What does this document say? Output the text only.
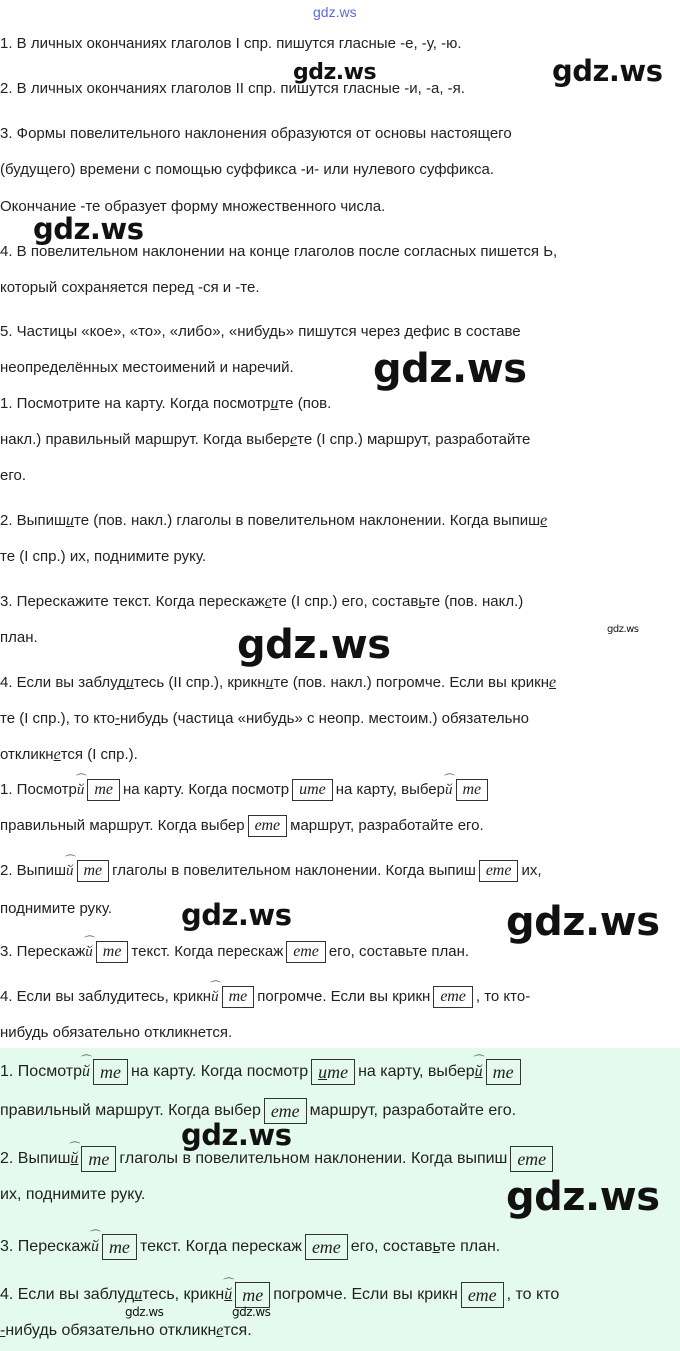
gdz.ws
1. В личных окончаниях глаголов I спр. пишутся гласные -е, -у, -ю.
2. В личных окончаниях глаголов II спр. пишутся гласные -и, -а, -я.
3. Формы повелительного наклонения образуются от основы настоящего
(будущего) времени с помощью суффикса -и- или нулевого суффикса.
Окончание -те образует форму множественного числа.
4. В повелительном наклонении на конце глаголов после согласных пишется Ь,
который сохраняется перед -ся и -те.
5. Частицы «кое», «то», «либо», «нибудь» пишутся через дефис в составе
неопределённых местоимений и наречий.
1. Посмотрите на карту. Когда посмотрите (пов.
накл.) правильный маршрут. Когда выберете (I спр.) маршрут, разработайте
его.
2. Выпишите (пов. накл.) глаголы в повелительном наклонении. Когда выпише
те (I спр.) их, поднимите руку.
3. Перескажите текст. Когда перескажете (I спр.) его, составьте (пов. накл.)
план.
4. Если вы заблудитесь (II спр.), крикните (пов. накл.) погромче. Если вы крикне
те (I спр.), то кто-нибудь (частица «нибудь» с неопр. местоим.) обязательно
откликнется (I спр.).
1. Посмотр⌒ й те на карту. Когда посмотр ите на карту, выбер⌒ й те
правильный маршрут. Когда выбер ете маршрут, разработайте его.
2. Выпиш⌒ й те глаголы в повелительном наклонении. Когда выпиш ете их,
поднимите руку.
3. Перескаж⌒ й те текст. Когда перескаж ете его, составьте план.
4. Если вы заблудитесь, крикн⌒ й те погромче. Если вы крикн ете , то кто-
нибудь обязательно откликнется.
1. Посмотр⌒ й те на карту. Когда посмотр ите на карту, выбер⌒ й те
правильный маршрут. Когда выбер ете маршрут, разработайте его.
2. Выпиш⌒ й те глаголы в повелительном наклонении. Когда выпиш ете
их, поднимите руку.
3. Перескаж⌒ й те текст. Когда перескаж ете его, составьте план.
4. Если вы заблудитесь, крикн⌒ й те погромче. Если вы крикн ете , то кто
-нибудь обязательно откликнется.
gdz.ws	gdz.ws
gdz.ws
gdz.ws
gdz.ws
gdz.ws
gdz.ws	gdz.ws
gdz.ws
gdz.ws
gdz.ws	gdz.ws
